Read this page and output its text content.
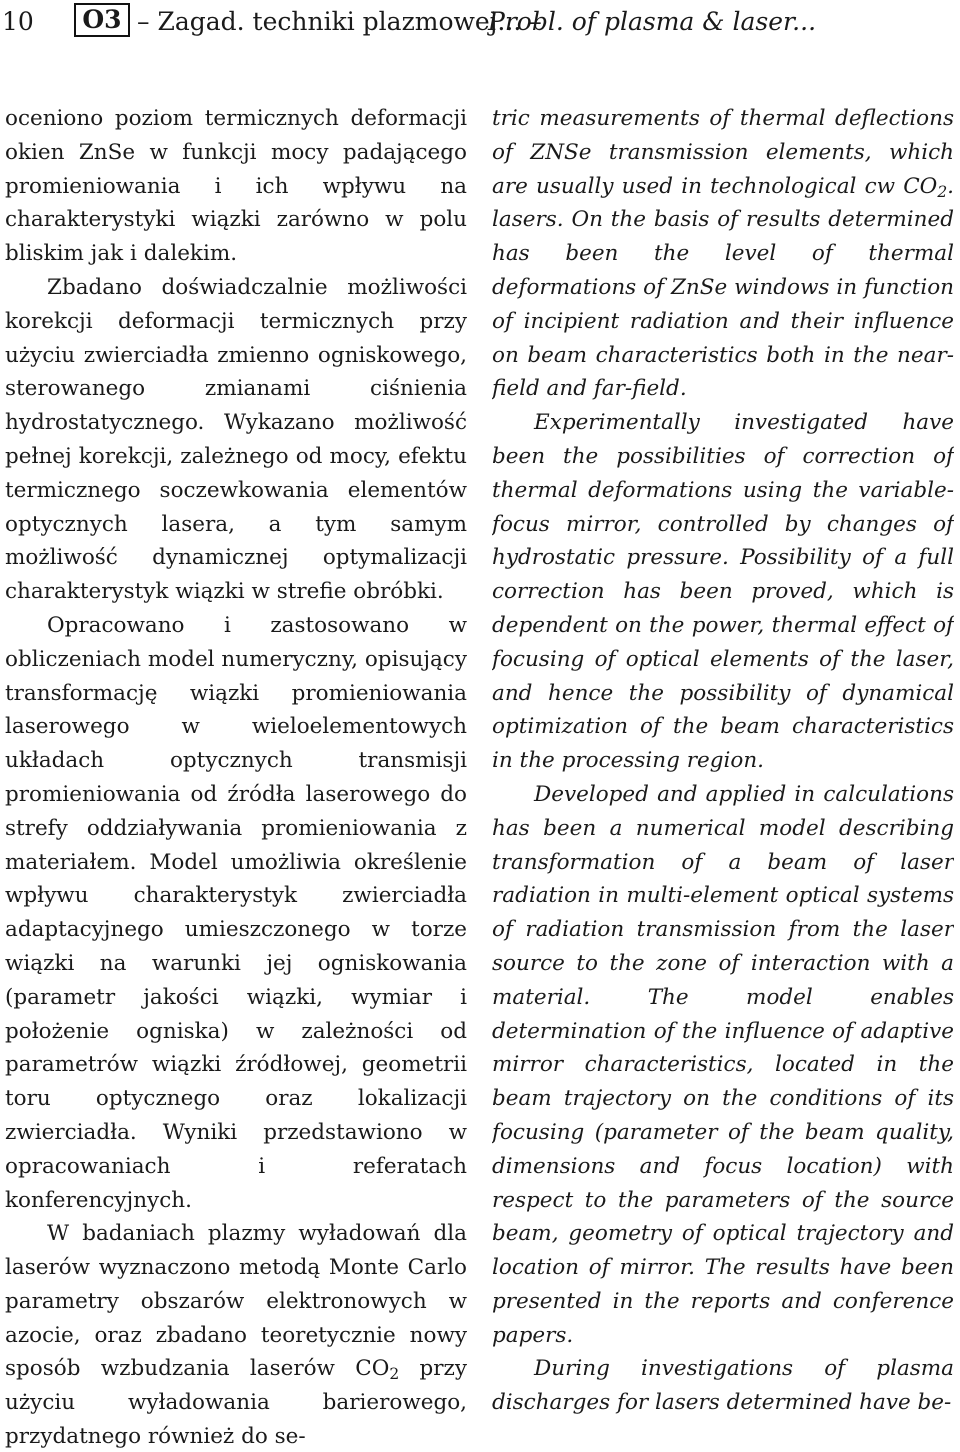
10	O3 – Zagad. techniki plazmowej... –
Probl. of plasma & laser...

oceniono poziom termicznych deformacji okien ZnSe w funkcji mocy padającego promieniowania i ich wpływu na charakterystyki wiązki zarówno w polu bliskim jak i dalekim.

Zbadano doświadczalnie możliwości korekcji deformacji termicznych przy użyciu zwierciadła zmienno ogniskowego, sterowanego zmianami ciśnienia hydrostatycznego. Wykazano możliwość pełnej korekcji, zależnego od mocy, efektu termicznego soczewkowania elementów optycznych lasera, a tym samym możliwość dynamicznej optymalizacji charakterystyk wiązki w strefie obróbki.

Opracowano i zastosowano w obliczeniach model numeryczny, opisujący transformację wiązki promieniowania laserowego w wieloelementowych układach optycznych transmisji promieniowania od źródła laserowego do strefy oddziaływania promieniowania z materiałem. Model umożliwia określenie wpływu charakterystyk zwierciadła adaptacyjnego umieszczonego w torze wiązki na warunki jej ogniskowania (parametr jakości wiązki, wymiar i położenie ogniska) w zależności od parametrów wiązki źródłowej, geometrii toru optycznego oraz lokalizacji zwierciadła. Wyniki przedstawiono w opracowaniach i referatach konferencyjnych.

W badaniach plazmy wyładowań dla laserów wyznaczono metodą Monte Carlo parametry obszarów elektronowych w azocie, oraz zbadano teoretycznie nowy sposób wzbudzania laserów $CO_2$ przy użyciu wyładowania barierowego, przydatnego również do se-

tric measurements of thermal deflections of ZNSe transmission elements, which are usually used in technological cw $CO_2$. lasers. On the basis of results determined has been the level of thermal deformations of ZnSe windows in function of incipient radiation and their influence on beam characteristics both in the near-field and far-field.

Experimentally investigated have been the possibilities of correction of thermal deformations using the variable-focus mirror, controlled by changes of hydrostatic pressure. Possibility of a full correction has been proved, which is dependent on the power, thermal effect of focusing of optical elements of the laser, and hence the possibility of dynamical optimization of the beam characteristics in the processing region.

Developed and applied in calculations has been a numerical model describing transformation of a beam of laser radiation in multi-element optical systems of radiation transmission from the laser source to the zone of interaction with a material. The model enables determination of the influence of adaptive mirror characteristics, located in the beam trajectory on the conditions of its focusing (parameter of the beam quality, dimensions and focus location) with respect to the parameters of the source beam, geometry of optical trajectory and location of mirror. The results have been presented in the reports and conference papers.

During investigations of plasma discharges for lasers determined have be-
